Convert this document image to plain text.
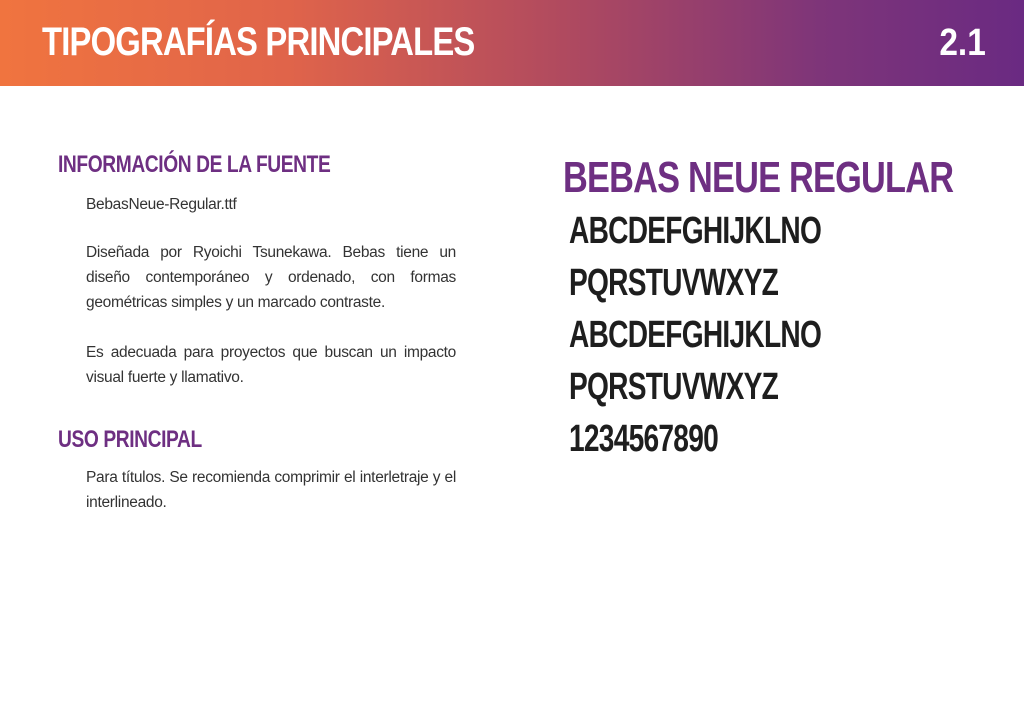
TIPOGRAFÍAS PRINCIPALES	2.1
INFORMACIÓN DE LA FUENTE

BebasNeue-Regular.ttf

Diseñada por Ryoichi Tsunekawa. Bebas tiene un diseño contemporáneo y ordenado, con formas geométricas simples y un marcado contraste.

Es adecuada para proyectos que buscan un impacto visual fuerte y llamativo.

USO PRINCIPAL

Para títulos. Se recomienda comprimir el interletraje y el interlineado.

BEBAS NEUE REGULAR
ABCDEFGHIJKLNO
PQRSTUVWXYZ
ABCDEFGHIJKLNO
PQRSTUVWXYZ
1234567890
